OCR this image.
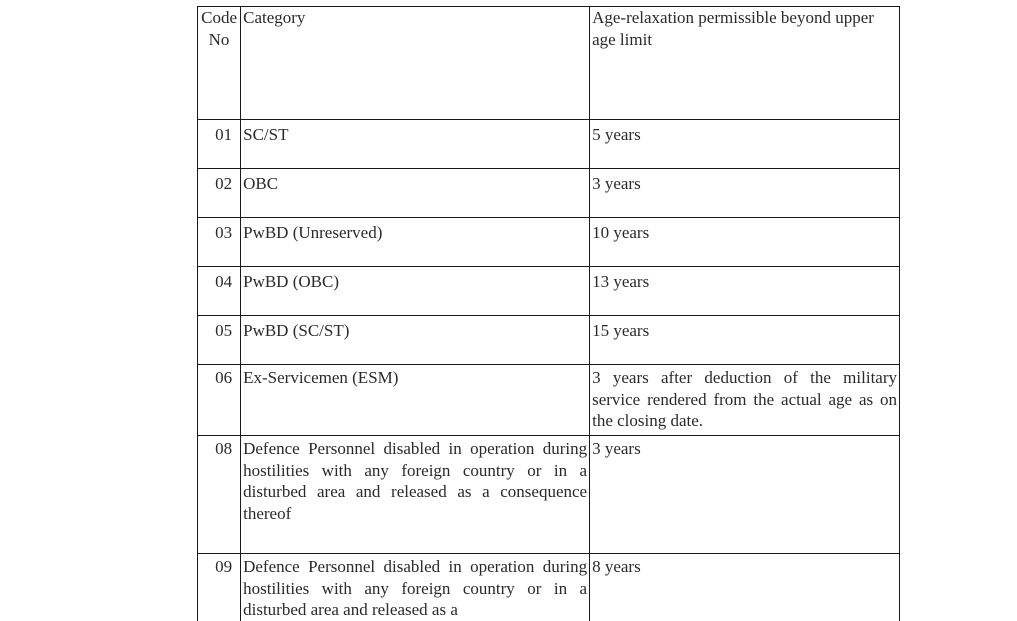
Code No	Category	Age-relaxation permissible beyond upper age limit

01	SC/ST	5 years
02	OBC	3 years
03	PwBD (Unreserved)	10 years
04	PwBD (OBC)	13 years
05	PwBD (SC/ST)	15 years
06	Ex-Servicemen (ESM)	3 years after deduction of the military service rendered from the actual age as on the closing date.
08	Defence Personnel disabled in operation during hostilities with any foreign country or in a disturbed area and released as a consequence thereof	3 years
09	Defence Personnel disabled in operation during hostilities with any foreign country or in a disturbed area and released as a	8 years
